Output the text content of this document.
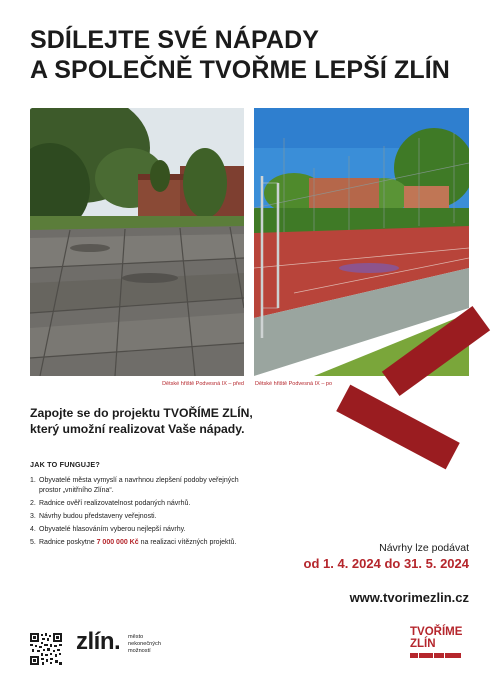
SDÍLEJTE SVÉ NÁPADY
A SPOLEČNĚ TVOŘME LEPŠÍ ZLÍN
Dětské hřiště Podvesná IX – před Dětské hřiště Podvesná IX – po
Zapojte se do projektu TVOŘÍME ZLÍN,
který umožní realizovat Vaše nápady.
JAK TO FUNGUJE?
1. Obyvatelé města vymyslí a navrhnou zlepšení podoby veřejných prostor „vnitřního Zlína“.
2. Radnice ověří realizovatelnost podaných návrhů.
3. Návrhy budou představeny veřejnosti.
4. Obyvatelé hlasováním vyberou nejlepší návrhy.
5. Radnice poskytne 7 000 000 Kč na realizaci vítězných projektů.	Návrhy lze podávat
od 1. 4. 2024 do 31. 5. 2024
www.tvorimezlin.cz
zlín. město
nekonečných
možností
TVOŘÍME
ZLÍN
